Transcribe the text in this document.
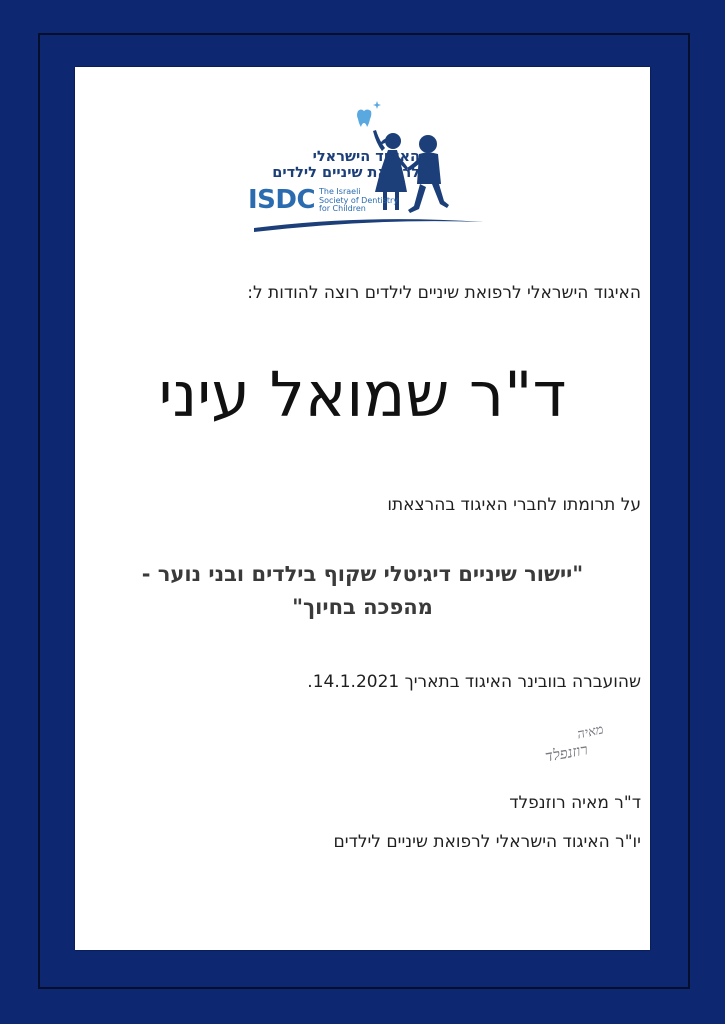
האיגוד הישראלי
לרפואת שיניים לילדים
ISDC The Israeli
Society of Dentistry
for Children
האיגוד הישראלי לרפואת שיניים לילדים רוצה להודות ל:
ד"ר שמואל עיני
על תרומתו לחברי האיגוד בהרצאתו
"יישור שיניים דיגיטלי שקוף בילדים ובני נוער -
מהפכה בחיוך"
שהועברה בוובינר האיגוד בתאריך 14.1.2021.
מאיה
רוזנפלד
ד"ר מאיה רוזנפלד
יו"ר האיגוד הישראלי לרפואת שיניים לילדים
